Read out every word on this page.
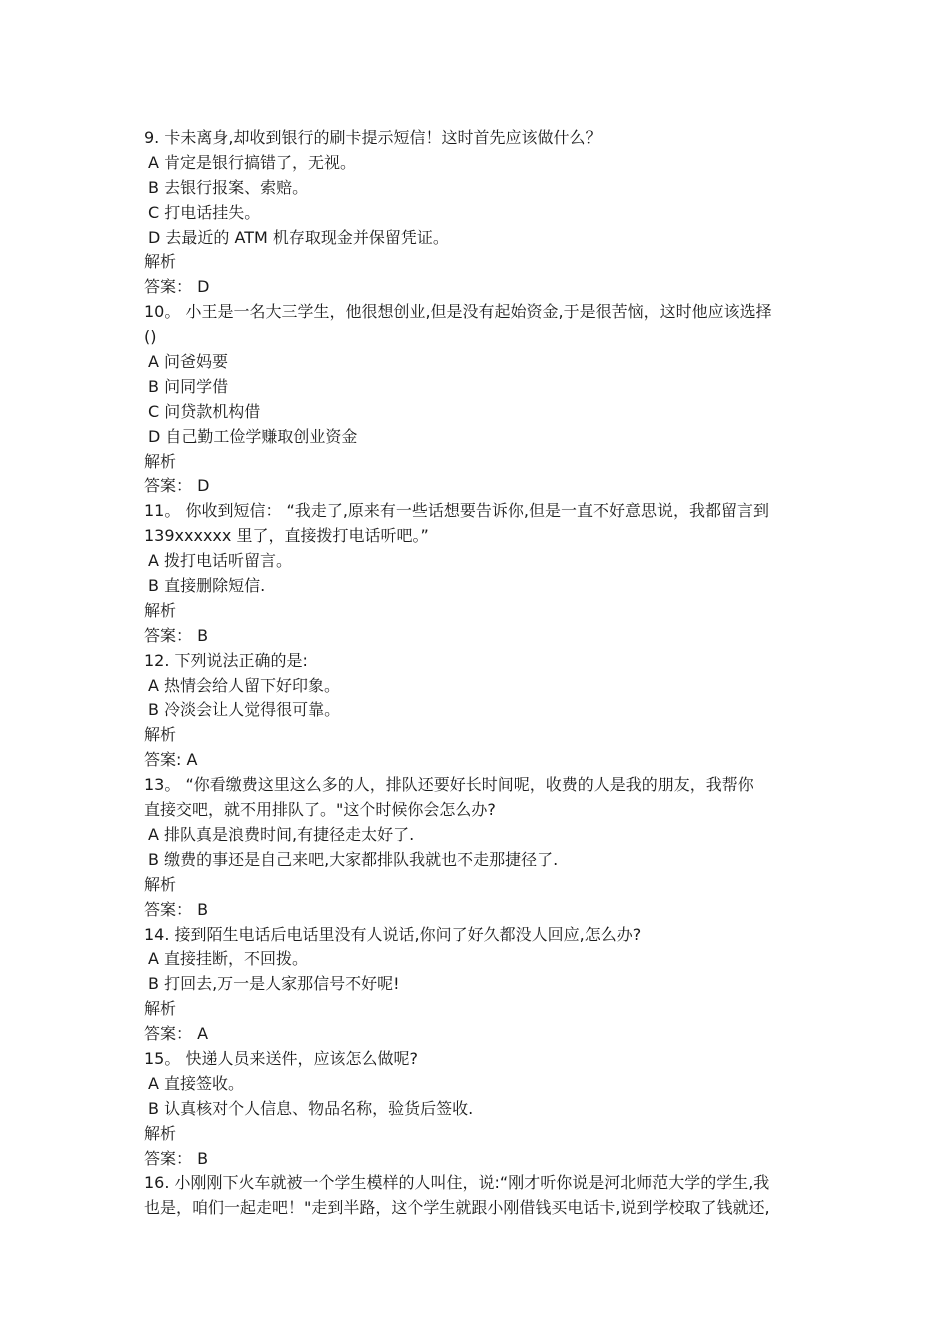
9. 卡未离身,却收到银行的刷卡提示短信！这时首先应该做什么？
A 肯定是银行搞错了，无视。
B 去银行报案、索赔。
C 打电话挂失。
D 去最近的 ATM 机存取现金并保留凭证。
解析
答案： D
10。 小王是一名大三学生，他很想创业,但是没有起始资金,于是很苦恼，这时他应该选择
()
A 问爸妈要
B 问同学借
C 问贷款机构借
D 自己勤工俭学赚取创业资金
解析
答案： D
11。 你收到短信： “我走了,原来有一些话想要告诉你,但是一直不好意思说，我都留言到
139xxxxxx 里了，直接拨打电话听吧。”
A 拨打电话听留言。
B 直接删除短信.
解析
答案： B
12. 下列说法正确的是:
A 热情会给人留下好印象。
B 冷淡会让人觉得很可靠。
解析
答案: A
13。 “你看缴费这里这么多的人，排队还要好长时间呢，收费的人是我的朋友，我帮你
直接交吧，就不用排队了。"这个时候你会怎么办?
A 排队真是浪费时间,有捷径走太好了.
B 缴费的事还是自己来吧,大家都排队我就也不走那捷径了.
解析
答案： B
14. 接到陌生电话后电话里没有人说话,你问了好久都没人回应,怎么办?
A 直接挂断，不回拨。
B 打回去,万一是人家那信号不好呢!
解析
答案： A
15。 快递人员来送件，应该怎么做呢?
A 直接签收。
B 认真核对个人信息、物品名称，验货后签收.
解析
答案： B
16. 小刚刚下火车就被一个学生模样的人叫住，说:“刚才听你说是河北师范大学的学生,我
也是，咱们一起走吧！"走到半路，这个学生就跟小刚借钱买电话卡,说到学校取了钱就还,
